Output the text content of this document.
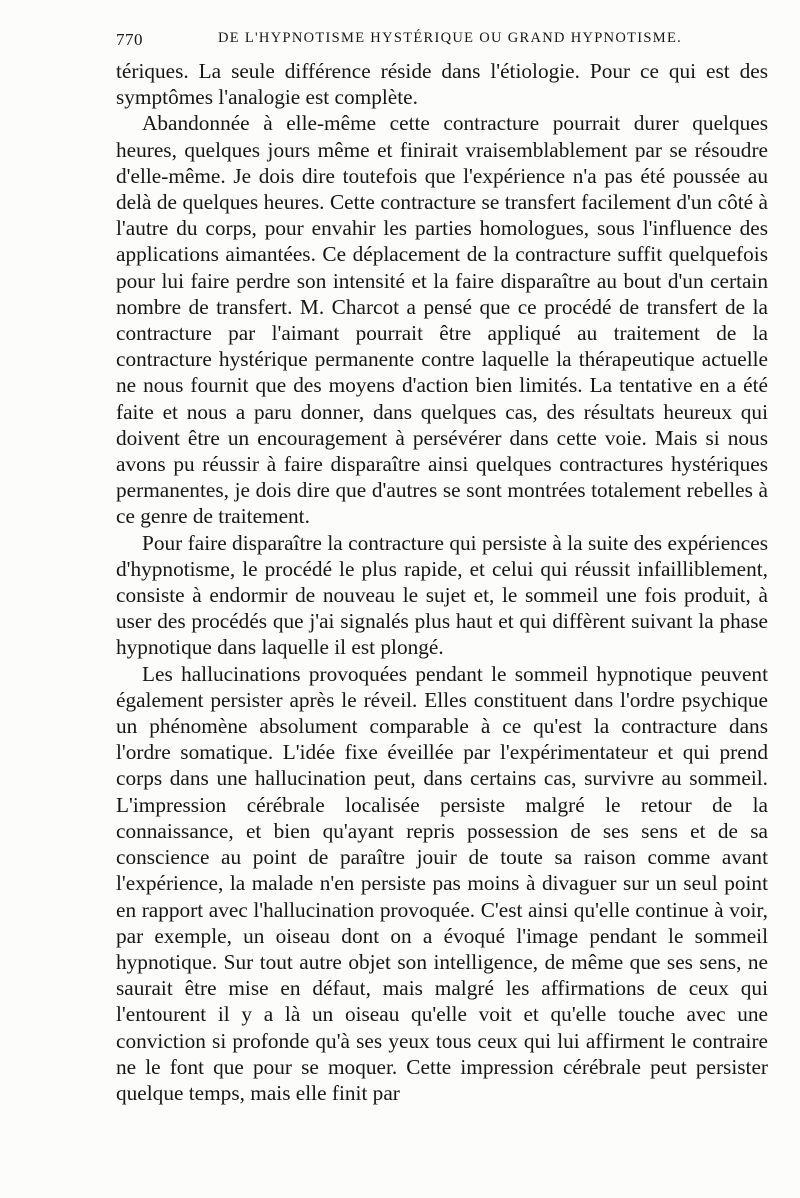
770	DE L'HYPNOTISME HYSTÉRIQUE OU GRAND HYPNOTISME.

tériques. La seule différence réside dans l'étiologie. Pour ce qui est des symptômes l'analogie est complète.

Abandonnée à elle-même cette contracture pourrait durer quelques heures, quelques jours même et finirait vraisemblablement par se résoudre d'elle-même. Je dois dire toutefois que l'expérience n'a pas été poussée au delà de quelques heures. Cette contracture se transfert facilement d'un côté à l'autre du corps, pour envahir les parties homologues, sous l'influence des applications aimantées. Ce déplacement de la contracture suffit quelquefois pour lui faire perdre son intensité et la faire disparaître au bout d'un certain nombre de transfert. M. Charcot a pensé que ce procédé de transfert de la contracture par l'aimant pourrait être appliqué au traitement de la contracture hystérique permanente contre laquelle la thérapeutique actuelle ne nous fournit que des moyens d'action bien limités. La tentative en a été faite et nous a paru donner, dans quelques cas, des résultats heureux qui doivent être un encouragement à persévérer dans cette voie. Mais si nous avons pu réussir à faire disparaître ainsi quelques contractures hystériques permanentes, je dois dire que d'autres se sont montrées totalement rebelles à ce genre de traitement.

Pour faire disparaître la contracture qui persiste à la suite des expériences d'hypnotisme, le procédé le plus rapide, et celui qui réussit infailliblement, consiste à endormir de nouveau le sujet et, le sommeil une fois produit, à user des procédés que j'ai signalés plus haut et qui diffèrent suivant la phase hypnotique dans laquelle il est plongé.

Les hallucinations provoquées pendant le sommeil hypnotique peuvent également persister après le réveil. Elles constituent dans l'ordre psychique un phénomène absolument comparable à ce qu'est la contracture dans l'ordre somatique. L'idée fixe éveillée par l'expérimentateur et qui prend corps dans une hallucination peut, dans certains cas, survivre au sommeil. L'impression cérébrale localisée persiste malgré le retour de la connaissance, et bien qu'ayant repris possession de ses sens et de sa conscience au point de paraître jouir de toute sa raison comme avant l'expérience, la malade n'en persiste pas moins à divaguer sur un seul point en rapport avec l'hallucination provoquée. C'est ainsi qu'elle continue à voir, par exemple, un oiseau dont on a évoqué l'image pendant le sommeil hypnotique. Sur tout autre objet son intelligence, de même que ses sens, ne saurait être mise en défaut, mais malgré les affirmations de ceux qui l'entourent il y a là un oiseau qu'elle voit et qu'elle touche avec une conviction si profonde qu'à ses yeux tous ceux qui lui affirment le contraire ne le font que pour se moquer. Cette impression cérébrale peut persister quelque temps, mais elle finit par
